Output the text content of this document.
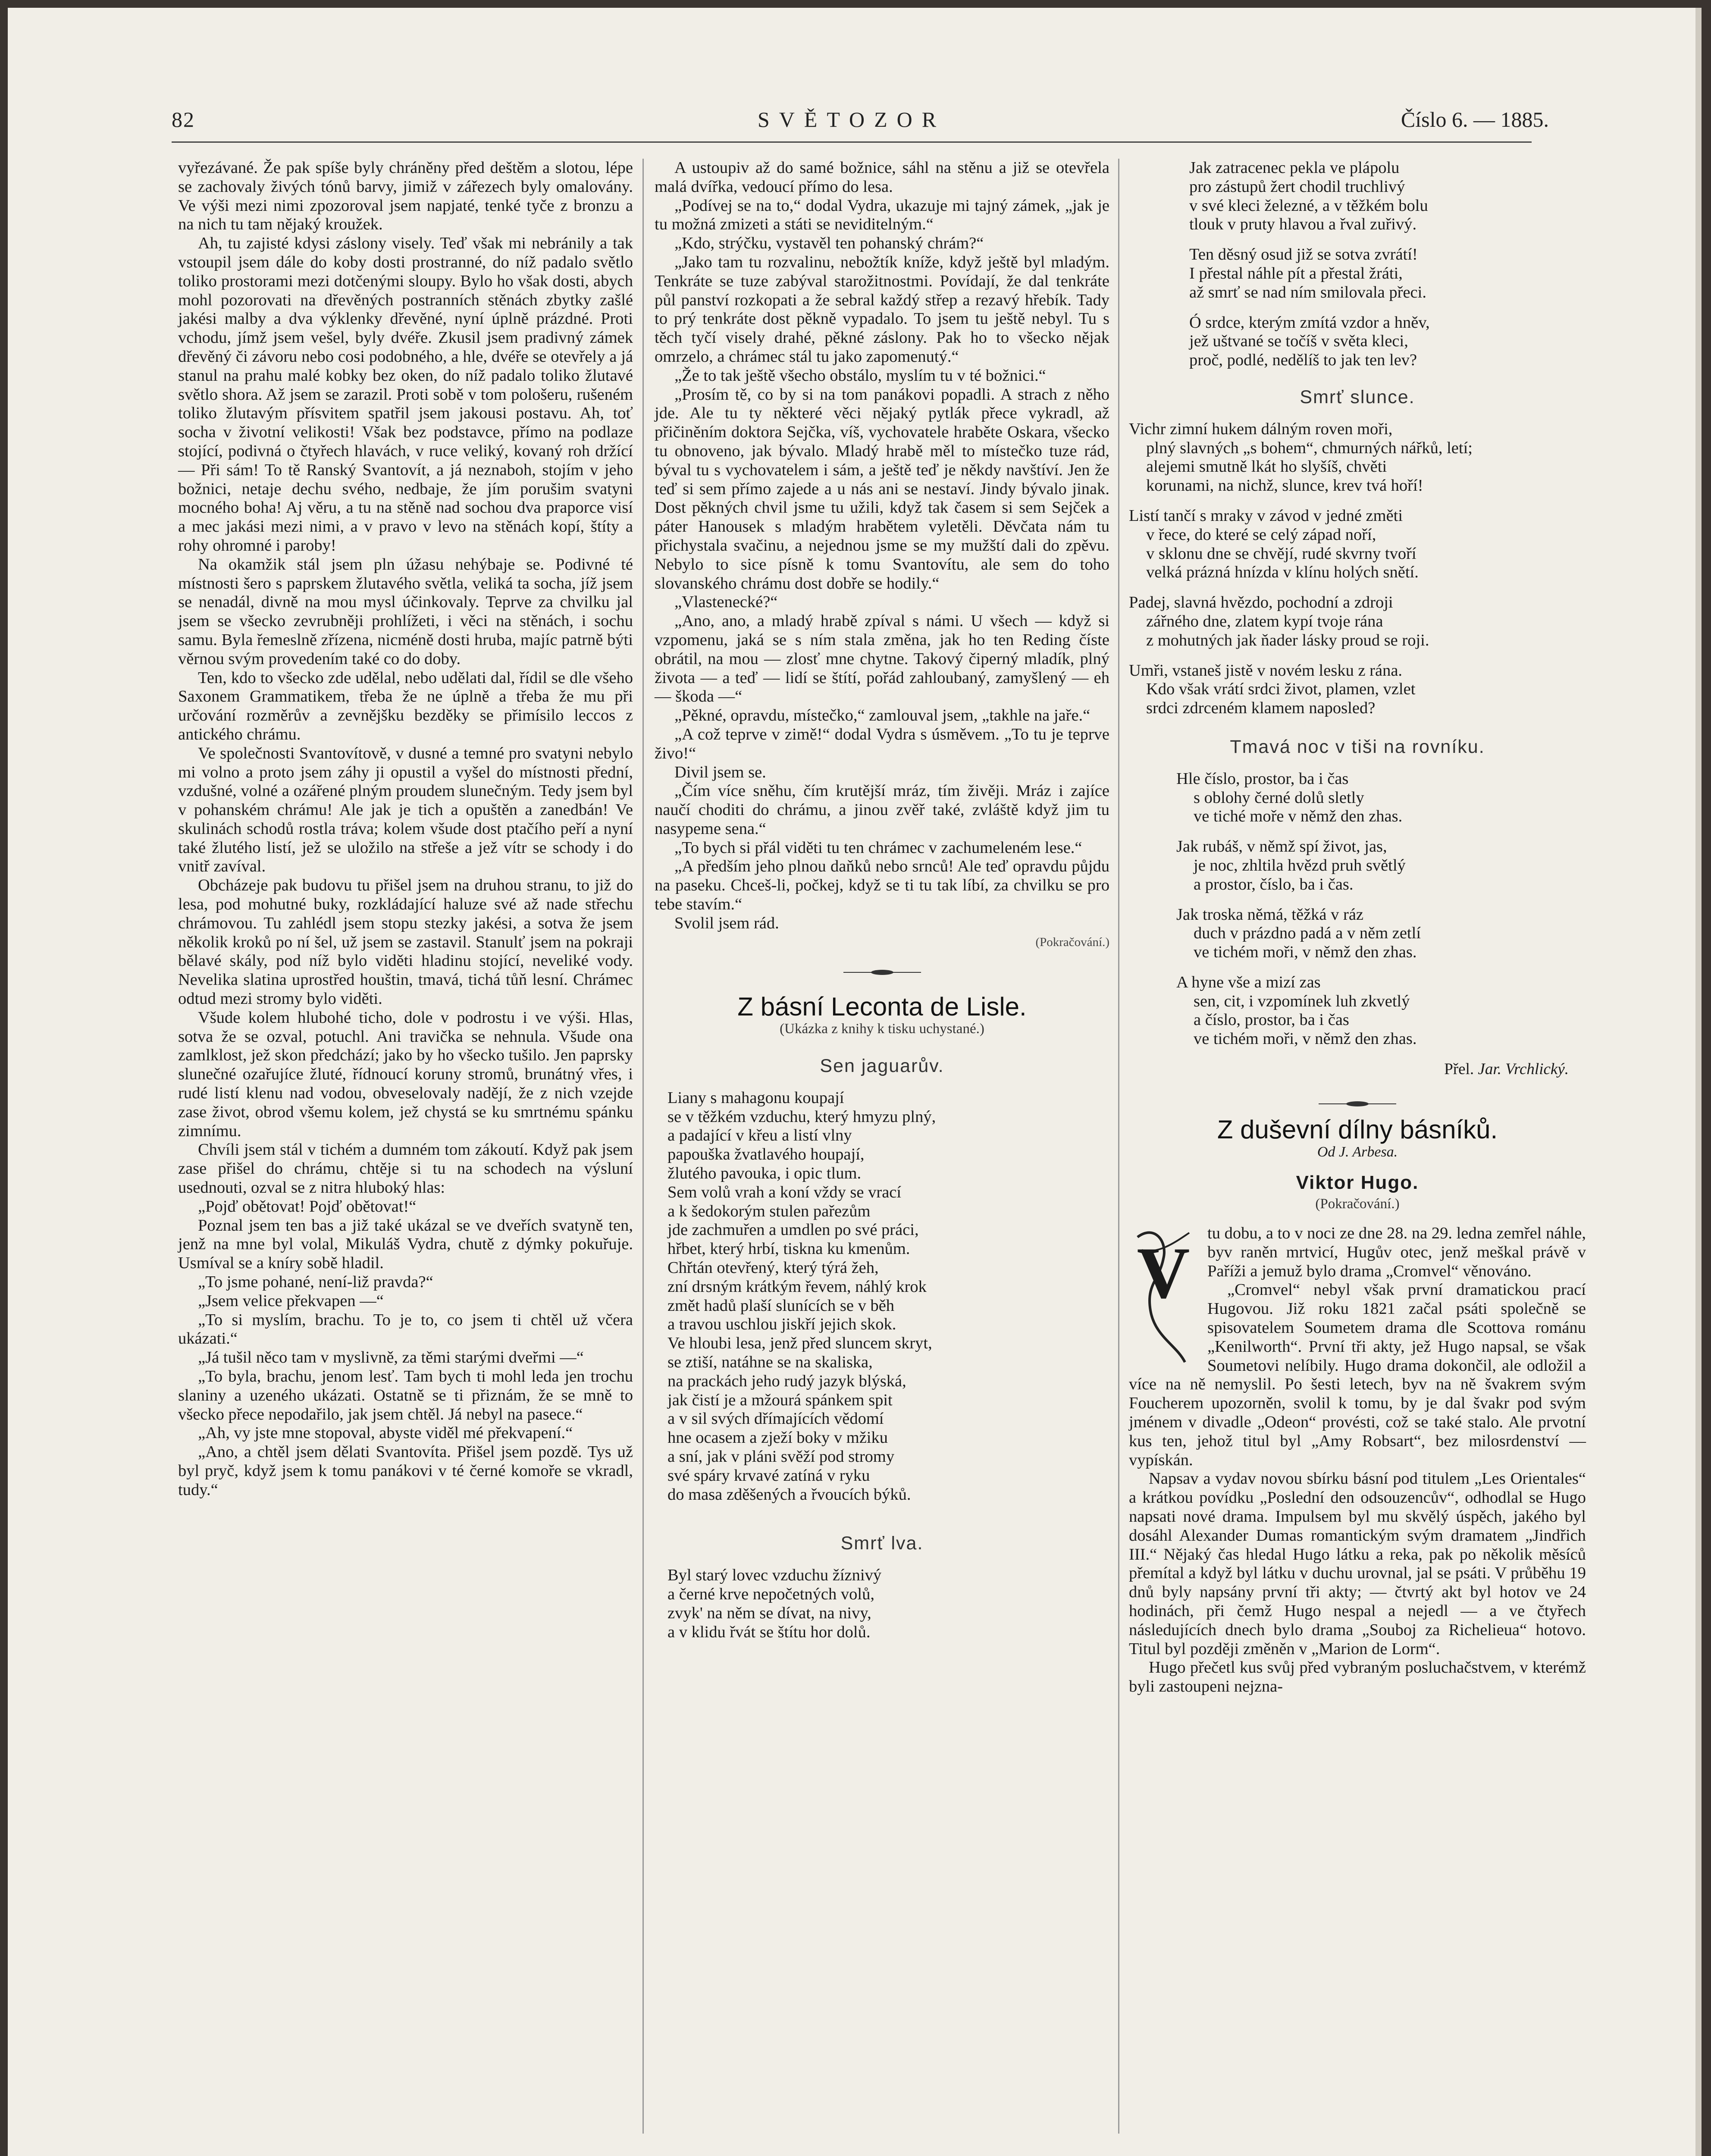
82	SVĚTOZOR	Číslo 6. — 1885.

vyřezávané. Že pak spíše byly chráněny před deštěm a slotou, lépe se zachovaly živých tónů barvy, jimiž v zářezech byly omalovány. Ve výši mezi nimi zpozoroval jsem napjaté, tenké tyče z bronzu a na nich tu tam nějaký kroužek.

Ah, tu zajisté kdysi záslony visely. Teď však mi nebránily a tak vstoupil jsem dále do koby dosti prostranné, do níž padalo světlo toliko prostorami mezi dotčenými sloupy. Bylo ho však dosti, abych mohl pozorovati na dřevěných postranních stěnách zbytky zašlé jakési malby a dva výklenky dřevěné, nyní úplně prázdné. Proti vchodu, jímž jsem vešel, byly dvéře. Zkusil jsem pradivný zámek dřevěný či závoru nebo cosi podobného, a hle, dvéře se otevřely a já stanul na prahu malé kobky bez oken, do níž padalo toliko žlutavé světlo shora. Až jsem se zarazil. Proti sobě v tom pološeru, rušeném toliko žlutavým přísvitem spatřil jsem jakousi postavu. Ah, toť socha v životní velikosti! Však bez podstavce, přímo na podlaze stojící, podivná o čtyřech hlavách, v ruce veliký, kovaný roh držící — Při sám! To tě Ranský Svantovít, a já neznaboh, stojím v jeho božnici, netaje dechu svého, nedbaje, že jím porušim svatyni mocného boha! Aj věru, a tu na stěně nad sochou dva praporce visí a mec jakási mezi nimi, a v pravo v levo na stěnách kopí, štíty a rohy ohromné i paroby!

Na okamžik stál jsem pln úžasu nehýbaje se. Podivné té místnosti šero s paprskem žlutavého světla, veliká ta socha, jíž jsem se nenadál, divně na mou mysl účinkovaly. Teprve za chvilku jal jsem se všecko zevrubněji prohlížeti, i věci na stěnách, i sochu samu. Byla řemeslně zřízena, nicméně dosti hruba, majíc patrně býti věrnou svým provedením také co do doby.

Ten, kdo to všecko zde udělal, nebo udělati dal, řídil se dle všeho Saxonem Grammatikem, třeba že ne úplně a třeba že mu při určování rozměrův a zevnějšku bezděky se přimísilo leccos z antického chrámu.

Ve společnosti Svantovítově, v dusné a temné pro svatyni nebylo mi volno a proto jsem záhy ji opustil a vyšel do místnosti přední, vzdušné, volné a ozářené plným proudem slunečným. Tedy jsem byl v pohanském chrámu! Ale jak je tich a opuštěn a zanedbán! Ve skulinách schodů rostla tráva; kolem všude dost ptačího peří a nyní také žlutého listí, jež se uložilo na střeše a jež vítr se schody i do vnitř zavíval.

Obcházeje pak budovu tu přišel jsem na druhou stranu, to již do lesa, pod mohutné buky, rozkládající haluze své až nade střechu chrámovou. Tu zahlédl jsem stopu stezky jakési, a sotva že jsem několik kroků po ní šel, už jsem se zastavil. Stanulť jsem na pokraji bělavé skály, pod níž bylo viděti hladinu stojící, neveliké vody. Nevelika slatina uprostřed houštin, tmavá, tichá tůň lesní. Chrámec odtud mezi stromy bylo viděti.

Všude kolem hlubohé ticho, dole v podrostu i ve výši. Hlas, sotva že se ozval, potuchl. Ani travička se nehnula. Všude ona zamlklost, jež skon předchází; jako by ho všecko tušilo. Jen paprsky slunečné ozařujíce žluté, řídnoucí koruny stromů, brunátný vřes, i rudé listí klenu nad vodou, obveselovaly nadějí, že z nich vzejde zase život, obrod všemu kolem, jež chystá se ku smrtnému spánku zimnímu.

Chvíli jsem stál v tichém a dumném tom zákoutí. Když pak jsem zase přišel do chrámu, chtěje si tu na schodech na výsluní usednouti, ozval se z nitra hluboký hlas:

„Pojď obětovat! Pojď obětovat!“

Poznal jsem ten bas a již také ukázal se ve dveřích svatyně ten, jenž na mne byl volal, Mikuláš Vydra, chutě z dýmky pokuřuje. Usmíval se a kníry sobě hladil.

„To jsme pohané, není-liž pravda?“

„Jsem velice překvapen —“

„To si myslím, brachu. To je to, co jsem ti chtěl už včera ukázati.“

„Já tušil něco tam v myslivně, za těmi starými dveřmi —“

„To byla, brachu, jenom lesť. Tam bych ti mohl leda jen trochu slaniny a uzeného ukázati. Ostatně se ti přiznám, že se mně to všecko přece nepodařilo, jak jsem chtěl. Já nebyl na pasece.“

„Ah, vy jste mne stopoval, abyste viděl mé překvapení.“

„Ano, a chtěl jsem dělati Svantovíta. Přišel jsem pozdě. Tys už byl pryč, když jsem k tomu panákovi v té černé komoře se vkradl, tudy.“

A ustoupiv až do samé božnice, sáhl na stěnu a již se otevřela malá dvířka, vedoucí přímo do lesa.

„Podívej se na to,“ dodal Vydra, ukazuje mi tajný zámek, „jak je tu možná zmizeti a státi se neviditelným.“

„Kdo, strýčku, vystavěl ten pohanský chrám?“

„Jako tam tu rozvalinu, nebožtík kníže, když ještě byl mladým. Tenkráte se tuze zabýval starožitnostmi. Povídají, že dal tenkráte půl panství rozkopati a že sebral každý střep a rezavý hřebík. Tady to prý tenkráte dost pěkně vypadalo. To jsem tu ještě nebyl. Tu s těch tyčí visely drahé, pěkné záslony. Pak ho to všecko nějak omrzelo, a chrámec stál tu jako zapomenutý.“

„Že to tak ještě všecho obstálo, myslím tu v té božnici.“

„Prosím tě, co by si na tom panákovi popadli. A strach z něho jde. Ale tu ty některé věci nějaký pytlák přece vykradl, až přičiněním doktora Sejčka, víš, vychovatele hraběte Oskara, všecko tu obnoveno, jak bývalo. Mladý hrabě měl to místečko tuze rád, býval tu s vychovatelem i sám, a ještě teď je někdy navštíví. Jen že teď si sem přímo zajede a u nás ani se nestaví. Jindy bývalo jinak. Dost pěkných chvil jsme tu užili, když tak časem si sem Sejček a páter Hanousek s mladým hrabětem vyletěli. Děvčata nám tu přichystala svačinu, a nejednou jsme se my mužští dali do zpěvu. Nebylo to sice písně k tomu Svantovítu, ale sem do toho slovanského chrámu dost dobře se hodily.“

„Vlastenecké?“

„Ano, ano, a mladý hrabě zpíval s námi. U všech — když si vzpomenu, jaká se s ním stala změna, jak ho ten Reding číste obrátil, na mou — zlosť mne chytne. Takový čiperný mladík, plný života — a teď — lidí se štítí, pořád zahloubaný, zamyšlený — eh — škoda —“

„Pěkné, opravdu, místečko,“ zamlouval jsem, „takhle na jaře.“

„A což teprve v zimě!“ dodal Vydra s úsměvem. „To tu je teprve živo!“

Divil jsem se.

„Čím více sněhu, čím krutější mráz, tím živěji. Mráz i zajíce naučí choditi do chrámu, a jinou zvěř také, zvláště když jim tu nasypeme sena.“

„To bych si přál viděti tu ten chrámec v zachumeleném lese.“

„A předším jeho plnou daňků nebo srnců! Ale teď opravdu půjdu na paseku. Chceš-li, počkej, když se ti tu tak líbí, za chvilku se pro tebe stavím.“

Svolil jsem rád.

(Pokračování.)
Z básní Leconta de Lisle.
(Ukázka z knihy k tisku uchystané.)
Sen jaguarův.
Liany s mahagonu koupají
se v těžkém vzduchu, který hmyzu plný,
a padající v křeu a listí vlny
papouška žvatlavého houpají,
žlutého pavouka, i opic tlum.
Sem volů vrah a koní vždy se vrací
a k šedokorým stulen pařezům
jde zachmuřen a umdlen po své práci,
hřbet, který hrbí, tiskna ku kmenům.
Chřtán otevřený, který týrá žeh,
zní drsným krátkým řevem, náhlý krok
změt hadů plaší slunících se v běh
a travou uschlou jiskří jejich skok.
Ve hloubi lesa, jenž před sluncem skryt,
se ztiší, natáhne se na skaliska,
na prackách jeho rudý jazyk blýská,
jak čistí je a mžourá spánkem spit
a v sil svých dřímajících vědomí
hne ocasem a zježí boky v mžiku
a sní, jak v pláni svěží pod stromy
své spáry krvavé zatíná v ryku
do masa zděšených a řvoucích býků.
Smrť lva.
Byl starý lovec vzduchu žíznivý
a černé krve nepočetných volů,
zvyk' na něm se dívat, na nivy,
a v klidu řvát se štítu hor dolů.
Jak zatracenec pekla ve plápolu
pro zástupů žert chodil truchlivý
v své kleci železné, a v těžkém bolu
tlouk v pruty hlavou a řval zuřivý.
Ten děsný osud již se sotva zvrátí!
I přestal náhle pít a přestal žráti,
až smrť se nad ním smilovala přeci.
Ó srdce, kterým zmítá vzdor a hněv,
jež uštvané se točíš v světa kleci,
proč, podlé, nedělíš to jak ten lev?
Smrť slunce.
Vichr zimní hukem dálným roven moři,
plný slavných „s bohem“, chmurných nářků, letí;
alejemi smutně lkát ho slyšíš, chvěti
korunami, na nichž, slunce, krev tvá hoří!
Listí tančí s mraky v závod v jedné změti
v řece, do které se celý západ noří,
v sklonu dne se chvějí, rudé skvrny tvoří
velká prázná hnízda v klínu holých snětí.
Padej, slavná hvězdo, pochodní a zdroji
zářného dne, zlatem kypí tvoje rána
z mohutných jak ňader lásky proud se roji.
Umři, vstaneš jistě v novém lesku z rána.
Kdo však vrátí srdci život, plamen, vzlet
srdci zdrceném klamem naposled?
Tmavá noc v tiši na rovníku.
Hle číslo, prostor, ba i čas
s oblohy černé dolů sletly
ve tiché moře v němž den zhas.
Jak rubáš, v němž spí život, jas,
je noc, zhltila hvězd pruh světlý
a prostor, číslo, ba i čas.
Jak troska němá, těžká v ráz
duch v prázdno padá a v něm zetlí
ve tichém moři, v němž den zhas.
A hyne vše a mizí zas
sen, cit, i vzpomínek luh zkvetlý
a číslo, prostor, ba i čas
ve tichém moři, v němž den zhas.
Přel. Jar. Vrchlický.
Z duševní dílny básníků.
Od J. Arbesa.
Viktor Hugo.
(Pokračování.)
V	tu dobu, a to v noci ze dne 28. na 29. ledna zemřel náhle, byv raněn mrtvicí, Hugův otec, jenž meškal právě v Paříži a jemuž bylo drama „Cromvel“ věnováno.

„Cromvel“ nebyl však první dramatickou prací Hugovou. Již roku 1821 začal psáti společně se spisovatelem Soumetem drama dle Scottova románu „Kenilworth“. První tři akty, jež Hugo napsal, se však Soumetovi nelíbily. Hugo drama dokončil, ale odložil a více na ně nemyslil. Po šesti letech, byv na ně švakrem svým Foucherem upozorněn, svolil k tomu, by je dal švakr pod svým jménem v divadle „Odeon“ provésti, což se také stalo. Ale prvotní kus ten, jehož titul byl „Amy Robsart“, bez milosrdenství — vypískán.

Napsav a vydav novou sbírku básní pod titulem „Les Orientales“ a krátkou povídku „Poslední den odsouzencův“, odhodlal se Hugo napsati nové drama. Impulsem byl mu skvělý úspěch, jakého byl dosáhl Alexander Dumas romantickým svým dramatem „Jindřich III.“ Nějaký čas hledal Hugo látku a reka, pak po několik měsíců přemítal a když byl látku v duchu urovnal, jal se psáti. V průběhu 19 dnů byly napsány první tři akty; — čtvrtý akt byl hotov ve 24 hodinách, při čemž Hugo nespal a nejedl — a ve čtyřech následujících dnech bylo drama „Souboj za Richelieua“ hotovo. Titul byl později změněn v „Marion de Lorm“.

Hugo přečetl kus svůj před vybraným posluchačstvem, v kterémž byli zastoupeni nejzna-
